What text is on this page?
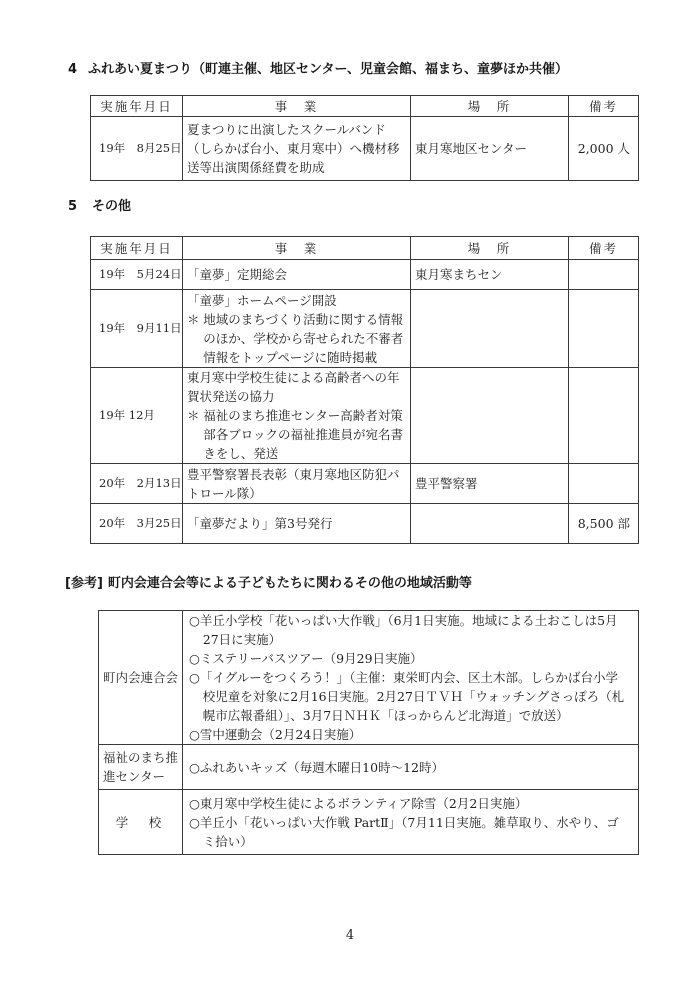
4 ふれあい夏まつり（町連主催、地区センター、児童会館、福まち、童夢ほか共催）
実施年月日	事　業	場　所	備考
19年　8月25日	夏まつりに出演したスクールバンド（しらかば台小、東月寒中）へ機材移送等出演関係経費を助成	東月寒地区センター	2,000 人
5 その他
実施年月日	事　業	場　所	備考
19年　5月24日	「童夢」定期総会	東月寒まちセン	
19年　9月11日	「童夢」ホームページ開設
＊ 地域のまちづくり活動に関する情報のほか、学校から寄せられた不審者情報をトップページに随時掲載		

19年 12月	東月寒中学校生徒による高齢者への年賀状発送の協力
＊ 福祉のまち推進センター高齢者対策部各ブロックの福祉推進員が宛名書きをし、発送		

20年　2月13日	豊平警察署長表彰（東月寒地区防犯パトロール隊）	豊平警察署	
20年　3月25日	「童夢だより」第3号発行		8,500 部
[参考] 町内会連合会等による子どもたちに関わるその他の地域活動等
町内会連合会	○羊丘小学校「花いっぱい大作戦」（6月1日実施。地域による土おこしは5月27日に実施）
○ミステリーバスツアー（9月29日実施）
○「イグルーをつくろう！」（主催：東栄町内会、区土木部。しらかば台小学校児童を対象に2月16日実施。2月27日ＴＶＨ「ウォッチングさっぽろ（札幌市広報番組）」、3月7日ＮＨＫ「ほっからんど北海道」で放送）
○雪中運動会（2月24日実施）

福祉のまち推進センター	○ふれあいキッズ（毎週木曜日10時～12時）

学　校	○東月寒中学校生徒によるボランティア除雪（2月2日実施）
○羊丘小「花いっぱい大作戦 PartⅡ」（7月11日実施。雑草取り、水やり、ゴミ拾い）
4
